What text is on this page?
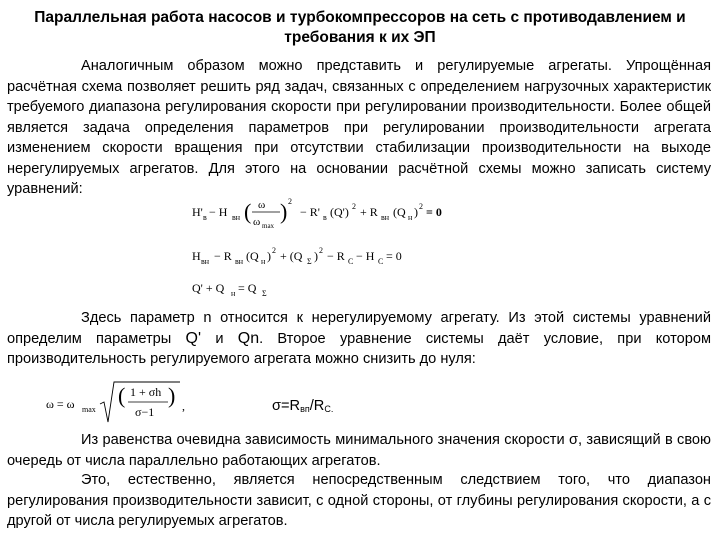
Параллельная работа насосов и турбокомпрессоров на сеть с противодавлением и
требования к их ЭП

Аналогичным образом можно представить и регулируемые агрегаты. Упрощённая расчётная схема позволяет решить ряд задач, связанных с определением нагрузочных характеристик требуемого диапазона регулирования скорости при регулировании производительности. Более общей является задача определения параметров при регулировании производительности агрегата изменением скорости вращения при отсутствии стабилизации производительности на выходе нерегулируемых агрегатов. Для этого на основании расчётной схемы можно записать систему уравнений:

H' в − H вн ( ω
ω max
) 2
− R' в (Q') 2 + R вн (Q н ) 2 = 0
H вн − R вн (Q н ) 2 + (Q Σ ) 2 − R C − H C = 0
Q' + Q н = Q Σ

Здесь параметр n относится к нерегулируемому агрегату. Из этой системы уравнений определим параметры Q' и Qn. Второе уравнение системы даёт условие, при котором производительность регулируемого агрегата можно снизить до нуля:

ω = ω max
( 1 + σh
σ−1
) ,	$\sigma=R_{вп}/R_{С.}$

Из равенства очевидна зависимость минимального значения скорости σ, зависящий в свою очередь от числа параллельно работающих агрегатов.

Это, естественно, является непосредственным следствием того, что диапазон регулирования производительности зависит, с одной стороны, от глубины регулирования скорости, а с другой от числа регулируемых агрегатов.
